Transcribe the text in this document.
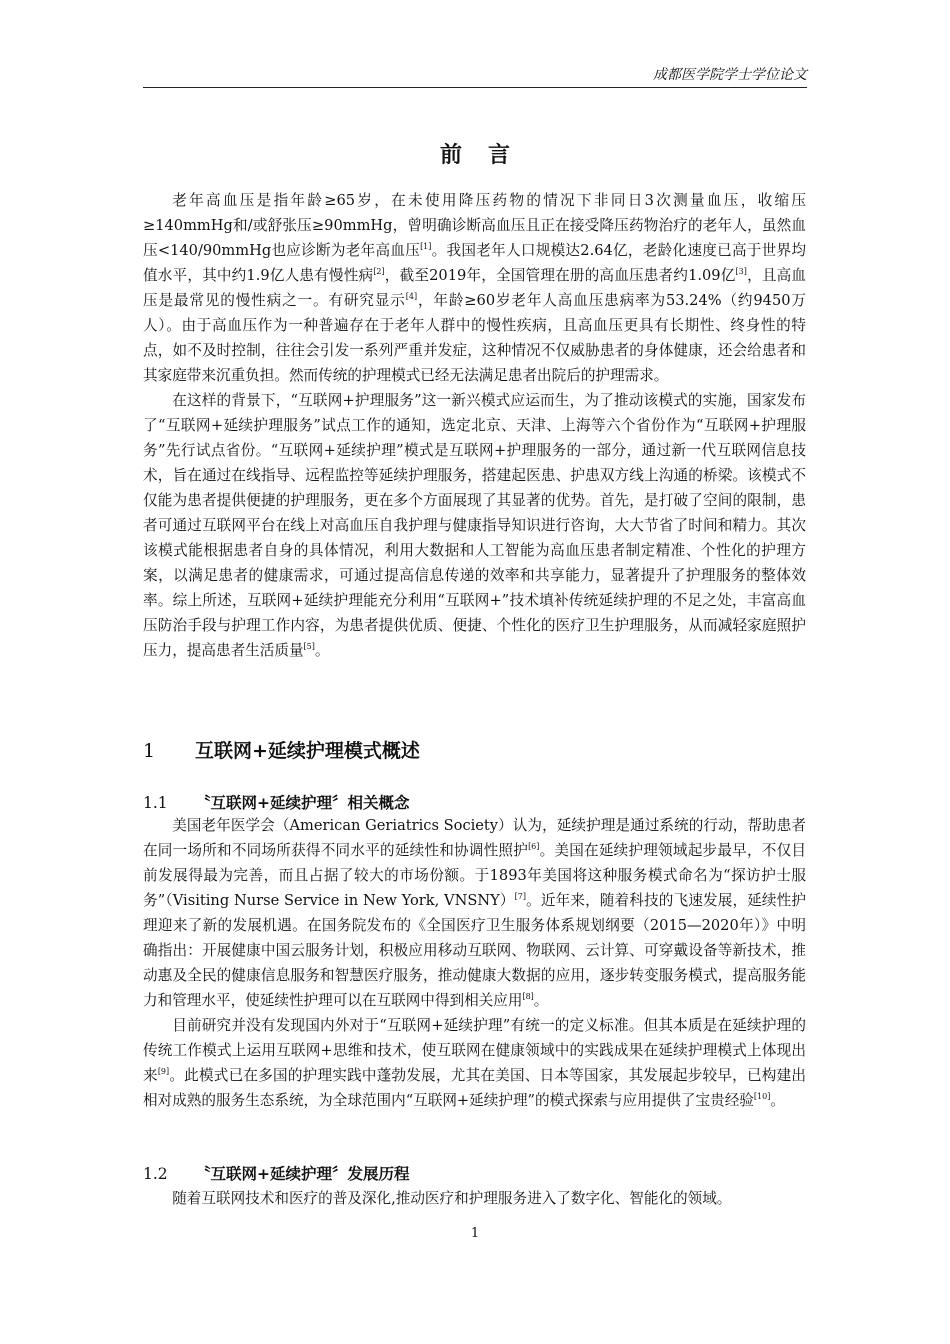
成都医学院学士学位论文
前言

老年高血压是指年龄≥65岁，在未使用降压药物的情况下非同日3次测量血压，收缩压≥140mmHg和/或舒张压≥90mmHg，曾明确诊断高血压且正在接受降压药物治疗的老年人，虽然血压<140/90mmHg也应诊断为老年高血压[1]。我国老年人口规模达2.64亿，老龄化速度已高于世界均值水平，其中约1.9亿人患有慢性病[2]，截至2019年，全国管理在册的高血压患者约1.09亿[3]，且高血压是最常见的慢性病之一。有研究显示[4]，年龄≥60岁老年人高血压患病率为53.24%（约9450万人）。由于高血压作为一种普遍存在于老年人群中的慢性疾病，且高血压更具有长期性、终身性的特点，如不及时控制，往往会引发一系列严重并发症，这种情况不仅威胁患者的身体健康，还会给患者和其家庭带来沉重负担。然而传统的护理模式已经无法满足患者出院后的护理需求。

在这样的背景下，“互联网+护理服务”这一新兴模式应运而生，为了推动该模式的实施，国家发布了“互联网+延续护理服务”试点工作的通知，选定北京、天津、上海等六个省份作为“互联网+护理服务”先行试点省份。“互联网+延续护理”模式是互联网+护理服务的一部分，通过新一代互联网信息技术，旨在通过在线指导、远程监控等延续护理服务，搭建起医患、护患双方线上沟通的桥梁。该模式不仅能为患者提供便捷的护理服务，更在多个方面展现了其显著的优势。首先，是打破了空间的限制，患者可通过互联网平台在线上对高血压自我护理与健康指导知识进行咨询，大大节省了时间和精力。其次该模式能根据患者自身的具体情况，利用大数据和人工智能为高血压患者制定精准、个性化的护理方案，以满足患者的健康需求，可通过提高信息传递的效率和共享能力，显著提升了护理服务的整体效率。综上所述，互联网+延续护理能充分利用“互联网+”技术填补传统延续护理的不足之处，丰富高血压防治手段与护理工作内容，为患者提供优质、便捷、个性化的医疗卫生护理服务，从而减轻家庭照护压力，提高患者生活质量[5]。

1 互联网+延续护理模式概述
1.1 〝互联网+延续护理〞相关概念

美国老年医学会（American Geriatrics Society）认为，延续护理是通过系统的行动，帮助患者在同一场所和不同场所获得不同水平的延续性和协调性照护[6]。美国在延续护理领域起步最早，不仅目前发展得最为完善，而且占据了较大的市场份额。于1893年美国将这种服务模式命名为“探访护士服务”（Visiting Nurse Service in New York, VNSNY）[7]。近年来，随着科技的飞速发展，延续性护理迎来了新的发展机遇。在国务院发布的《全国医疗卫生服务体系规划纲要（2015—2020年）》中明确指出：开展健康中国云服务计划，积极应用移动互联网、物联网、云计算、可穿戴设备等新技术，推动惠及全民的健康信息服务和智慧医疗服务，推动健康大数据的应用，逐步转变服务模式，提高服务能力和管理水平，使延续性护理可以在互联网中得到相关应用[8]。

目前研究并没有发现国内外对于“互联网+延续护理”有统一的定义标准。但其本质是在延续护理的传统工作模式上运用互联网+思维和技术，使互联网在健康领域中的实践成果在延续护理模式上体现出来[9]。此模式已在多国的护理实践中蓬勃发展，尤其在美国、日本等国家，其发展起步较早，已构建出相对成熟的服务生态系统，为全球范围内“互联网+延续护理”的模式探索与应用提供了宝贵经验[10]。

1.2 〝互联网+延续护理〞发展历程

随着互联网技术和医疗的普及深化,推动医疗和护理服务进入了数字化、智能化的领域。

1
